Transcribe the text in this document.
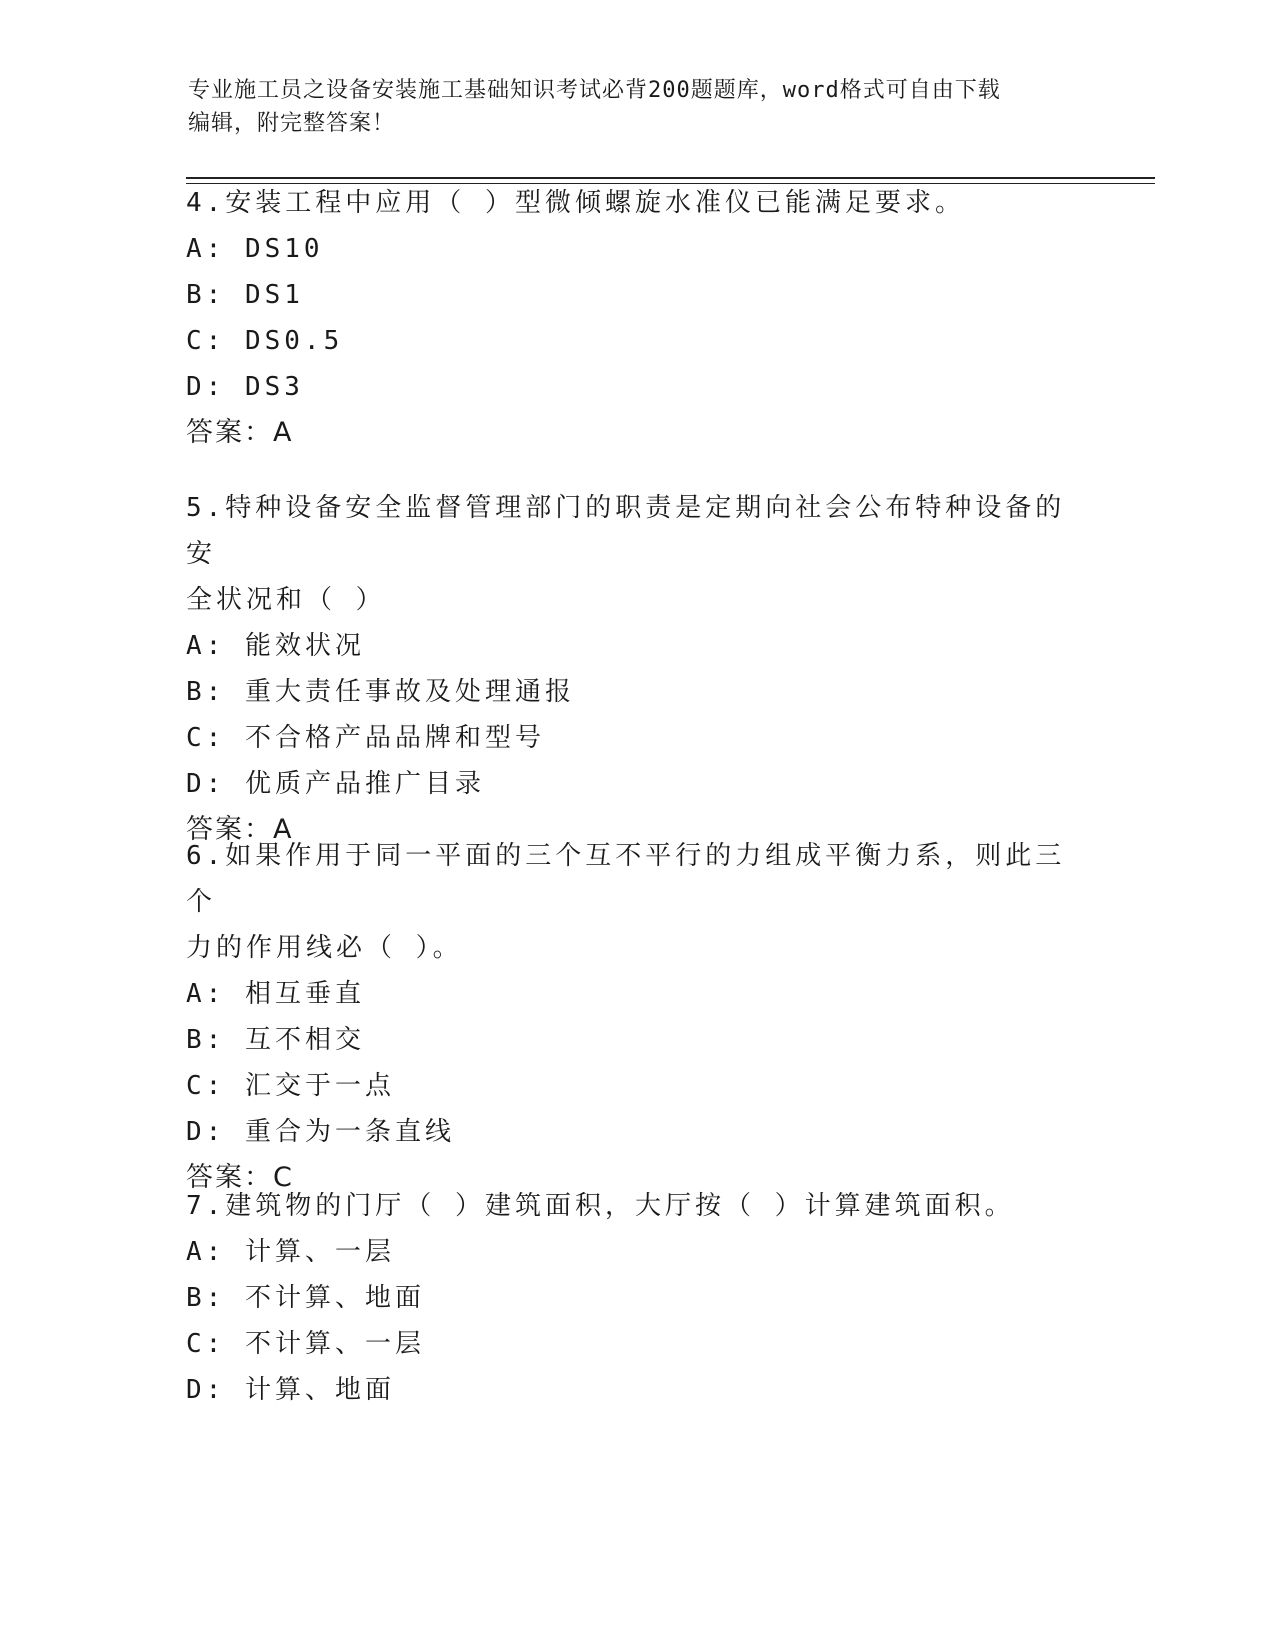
专业施工员之设备安装施工基础知识考试必背200题题库，word格式可自由下载
编辑，附完整答案！
4.安装工程中应用（ ）型微倾螺旋水准仪已能满足要求。
A: DS10
B: DS1
C: DS0.5
D: DS3
答案：A
5.特种设备安全监督管理部门的职责是定期向社会公布特种设备的安
全状况和（ ）
A: 能效状况
B: 重大责任事故及处理通报
C: 不合格产品品牌和型号
D: 优质产品推广目录
答案：A
6.如果作用于同一平面的三个互不平行的力组成平衡力系，则此三个
力的作用线必（ ）。
A: 相互垂直
B: 互不相交
C: 汇交于一点
D: 重合为一条直线
答案：C
7.建筑物的门厅（ ）建筑面积，大厅按（ ）计算建筑面积。
A: 计算、一层
B: 不计算、地面
C: 不计算、一层
D: 计算、地面
